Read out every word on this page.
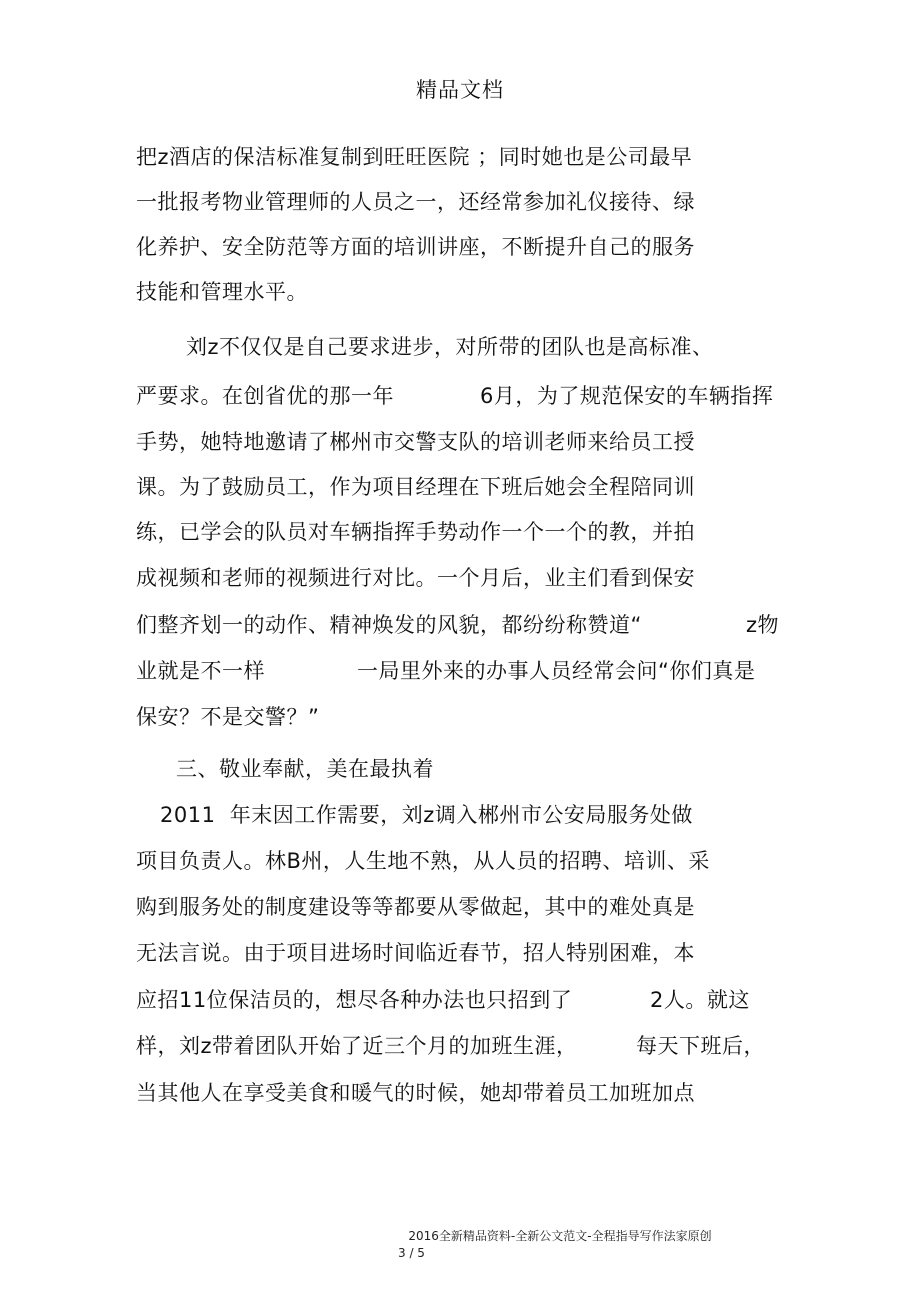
精品文档
把z酒店的保洁标准复制到旺旺医院 ；同时她也是公司最早
一批报考物业管理师的人员之一，还经常参加礼仪接待、绿
化养护、安全防范等方面的培训讲座，不断提升自己的服务
技能和管理水平。
刘z不仅仅是自己要求进步，对所带的团队也是高标准、
严要求。在创省优的那一年	6月，为了规范保安的车辆指挥
手势，她特地邀请了郴州市交警支队的培训老师来给员工授
课。为了鼓励员工，作为项目经理在下班后她会全程陪同训
练，已学会的队员对车辆指挥手势动作一个一个的教，并拍
成视频和老师的视频进行对比。一个月后，业主们看到保安
们整齐划一的动作、精神焕发的风貌，都纷纷称赞道“	z物
业就是不一样	一局里外来的办事人员经常会问“你们真是
保安？不是交警？”
三、敬业奉献，美在最执着
2011  年末因工作需要，刘z调入郴州市公安局服务处做
项目负责人。林B州，人生地不熟，从人员的招聘、培训、采
购到服务处的制度建设等等都要从零做起，其中的难处真是
无法言说。由于项目进场时间临近春节，招人特别困难，本
应招11位保洁员的，想尽各种办法也只招到了	2人。就这
样，刘z带着团队开始了近三个月的加班生涯，	每天下班后，
当其他人在享受美食和暖气的时候，她却带着员工加班加点
2016全新精品资料-全新公文范文-全程指导写作法家原创
3 / 5
